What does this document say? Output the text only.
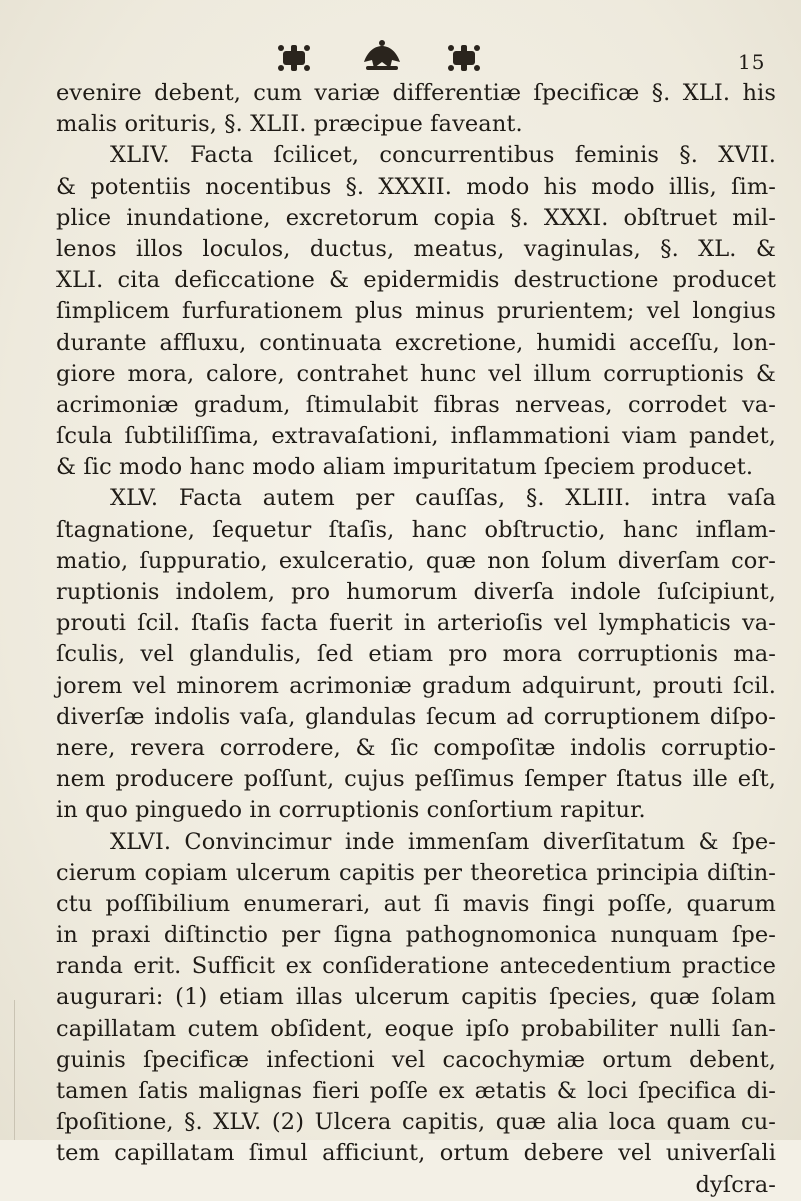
15
evenire debent, cum variæ differentiæ ſpecificæ §. XLI. his
malis orituris, §. XLII. præcipue faveant.
XLIV. Facta ſcilicet, concurrentibus feminis §. XVII.
& potentiis nocentibus §. XXXII. modo his modo illis, ſim-
plice inundatione, excretorum copia §. XXXI. obſtruet mil-
lenos illos loculos, ductus, meatus, vaginulas, §. XL. &
XLI. cita deficcatione & epidermidis destructione producet
ſimplicem furfurationem plus minus prurientem; vel longius
durante affluxu, continuata excretione, humidi acceſſu, lon-
giore mora, calore, contrahet hunc vel illum corruptionis &
acrimoniæ gradum, ſtimulabit fibras nerveas, corrodet va-
ſcula ſubtiliſſima, extravaſationi, inflammationi viam pandet,
& ſic modo hanc modo aliam impuritatum ſpeciem producet.
XLV. Facta autem per cauſſas, §. XLIII. intra vaſa
ſtagnatione, ſequetur ſtaſis, hanc obſtructio, hanc inflam-
matio, ſuppuratio, exulceratio, quæ non ſolum diverſam cor-
ruptionis indolem, pro humorum diverſa indole ſuſcipiunt,
prouti ſcil. ſtaſis facta fuerit in arterioſis vel lymphaticis va-
ſculis, vel glandulis, ſed etiam pro mora corruptionis ma-
jorem vel minorem acrimoniæ gradum adquirunt, prouti ſcil.
diverſæ indolis vaſa, glandulas ſecum ad corruptionem diſpo-
nere, revera corrodere, & ſic compoſitæ indolis corruptio-
nem producere poſſunt, cujus peſſimus ſemper ſtatus ille eſt,
in quo pinguedo in corruptionis conſortium rapitur.
XLVI. Convincimur inde immenſam diverſitatum & ſpe-
cierum copiam ulcerum capitis per theoretica principia diſtin-
ctu poſſibilium enumerari, aut ſi mavis fingi poſſe, quarum
in praxi diſtinctio per ſigna pathognomonica nunquam ſpe-
randa erit. Sufficit ex conſideratione antecedentium practice
augurari: (1) etiam illas ulcerum capitis ſpecies, quæ ſolam
capillatam cutem obſident, eoque ipſo probabiliter nulli ſan-
guinis ſpecificæ infectioni vel cacochymiæ ortum debent,
tamen ſatis malignas fieri poſſe ex ætatis & loci ſpecifica di-
ſpoſitione, §. XLV. (2) Ulcera capitis, quæ alia loca quam cu-
tem capillatam ſimul afficiunt, ortum debere vel univerſali
dyſcra-
